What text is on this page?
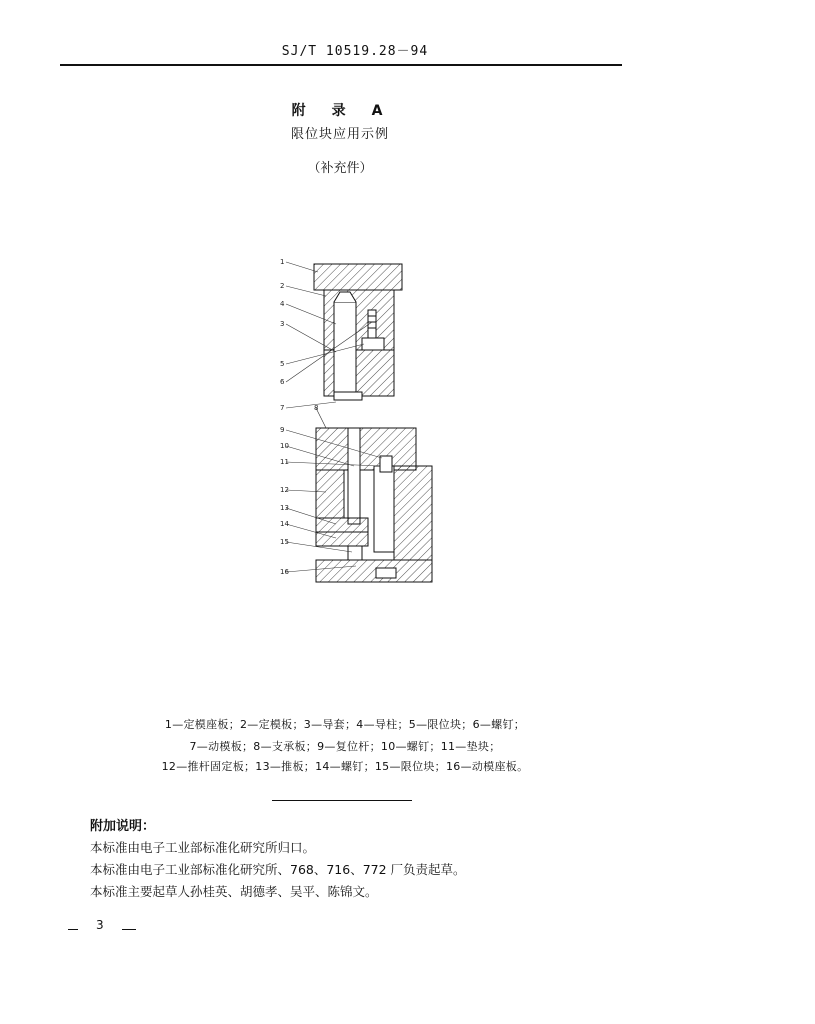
SJ/T 10519.28－94
附　录　A
限位块应用示例
（补充件）
1
2
4
3
5
7	8
6
9
10
11
12
13
14
15
16
1—定模座板；2—定模板；3—导套；4—导柱；5—限位块；6—螺钉；
7—动模板；8—支承板；9—复位杆；10—螺钉；11—垫块；
12—推杆固定板；13—推板；14—螺钉；15—限位块；16—动模座板。
附加说明：
本标准由电子工业部标准化研究所归口。
本标准由电子工业部标准化研究所、768、716、772 厂负责起草。
本标准主要起草人孙桂英、胡德孝、吴平、陈锦文。
3
